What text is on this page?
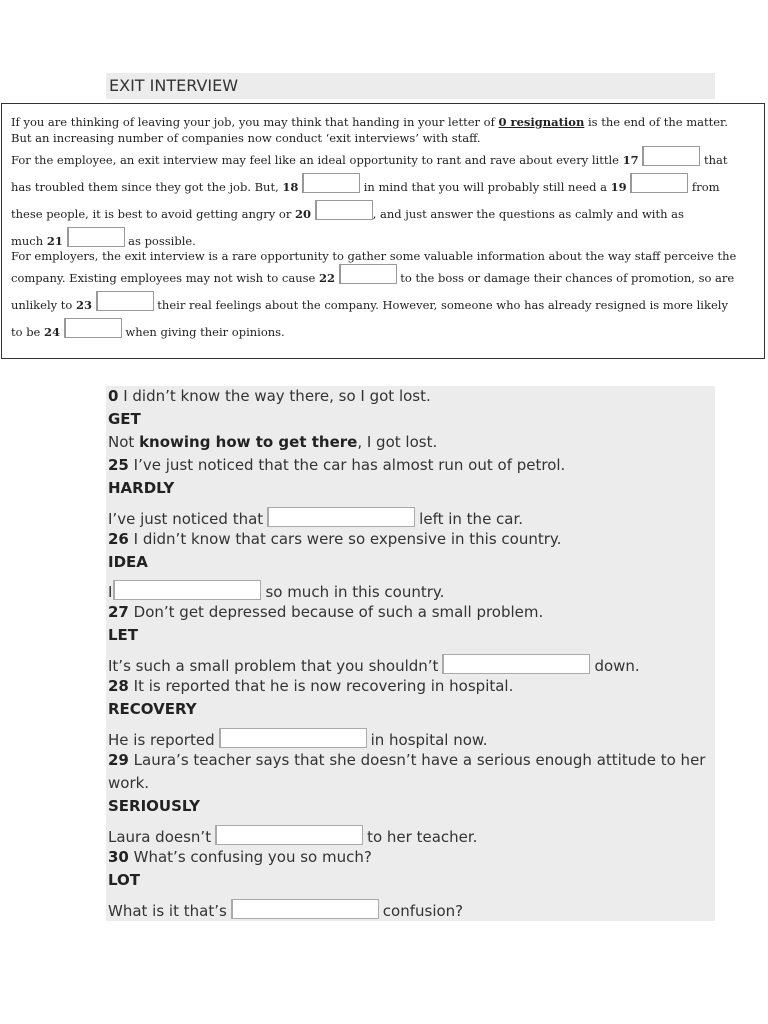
EXIT INTERVIEW

If you are thinking of leaving your job, you may think that handing in your letter of 0 resignation is the end of the matter.
But an increasing number of companies now conduct ‘exit interviews’ with staff.

For the employee, an exit interview may feel like an ideal opportunity to rant and rave about every little 17	that
has troubled them since they got the job. But, 18	in mind that you will probably still need a 19	from
these people, it is best to avoid getting angry or 20	, and just answer the questions as calmly and with as
much 21	as possible.

For employers, the exit interview is a rare opportunity to gather some valuable information about the way staff perceive the

company. Existing employees may not wish to cause 22	to the boss or damage their chances of promotion, so are
unlikely to 23	their real feelings about the company. However, someone who has already resigned is more likely
to be 24	when giving their opinions.

0 I didn’t know the way there, so I got lost.
GET
Not knowing how to get there, I got lost.
25 I’ve just noticed that the car has almost run out of petrol.
HARDLY
I’ve just noticed that	left in the car.
26 I didn’t know that cars were so expensive in this country.
IDEA
I	so much in this country.
27 Don’t get depressed because of such a small problem.
LET
It’s such a small problem that you shouldn’t	down.
28 It is reported that he is now recovering in hospital.
RECOVERY
He is reported	in hospital now.
29 Laura’s teacher says that she doesn’t have a serious enough attitude to her
work.
SERIOUSLY
Laura doesn’t	to her teacher.
30 What’s confusing you so much?
LOT
What is it that’s	confusion?
